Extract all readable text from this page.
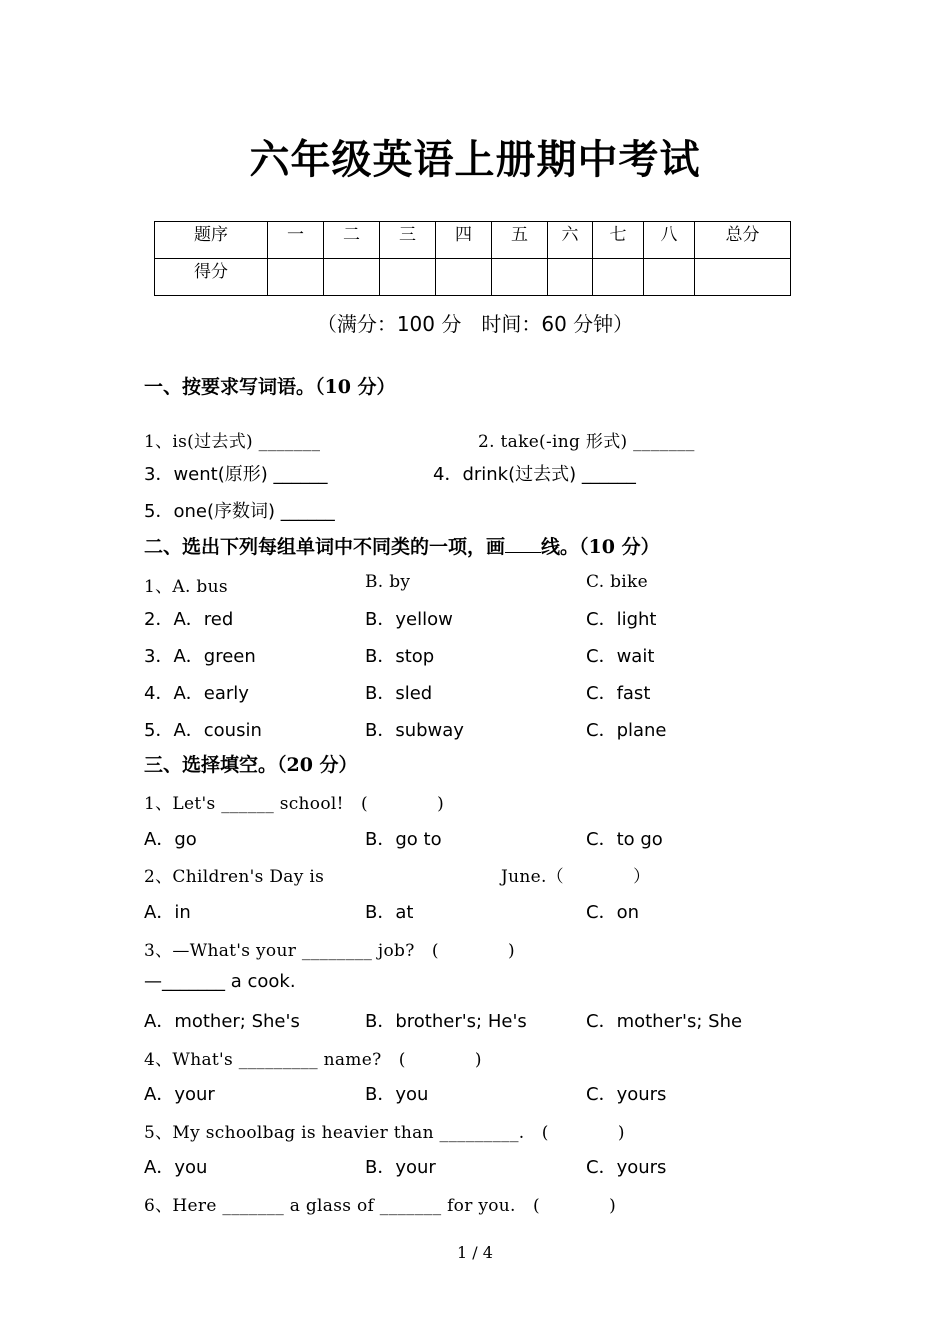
六年级英语上册期中考试
题序	一	二	三	四	五	六	七	八	总分
得分									
（满分：100 分　时间：60 分钟）
一、按要求写词语。（10 分）
1、is(过去式) _______	2. take(-ing 形式) _______
3．went(原形) ______	4．drink(过去式) ______
5．one(序数词) ______
二、选出下列每组单词中不同类的一项，画 线。（10 分）
1、A. bus	B. by	C. bike
2．A．red	B．yellow	C．light
3．A．green	B．stop	C．wait
4．A．early	B．sled	C．fast
5．A．cousin	B．subway	C．plane
三、选择填空。（20 分）
1、Let's ______ school!　(　　　　)
A．go	B．go to	C．to go
2、Children's Day is	June.（　　　　）
A．in	B．at	C．on
3、—What's your ________ job?　(　　　　)
—_______ a cook.
A．mother; She's	B．brother's; He's	C．mother's; She
4、What's _________ name?　(　　　　)
A．your	B．you	C．yours
5、My schoolbag is heavier than _________.　(　　　　)
A．you	B．your	C．yours
6、Here _______ a glass of _______ for you.　(　　　　)
1 / 4
